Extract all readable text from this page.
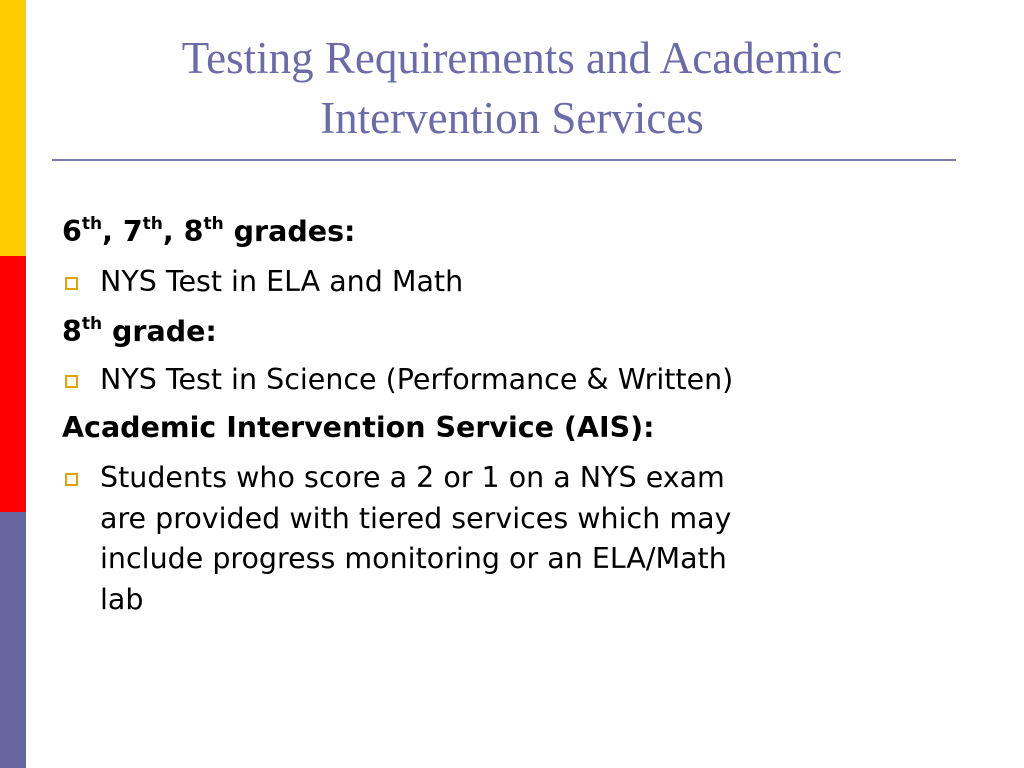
Testing Requirements and Academic
Intervention Services

6th, 7th, 8th grades:

NYS Test in ELA and Math

8th grade:

NYS Test in Science (Performance & Written)

Academic Intervention Service (AIS):

Students who score a 2 or 1 on a NYS exam
are provided with tiered services which may
include progress monitoring or an ELA/Math
lab
